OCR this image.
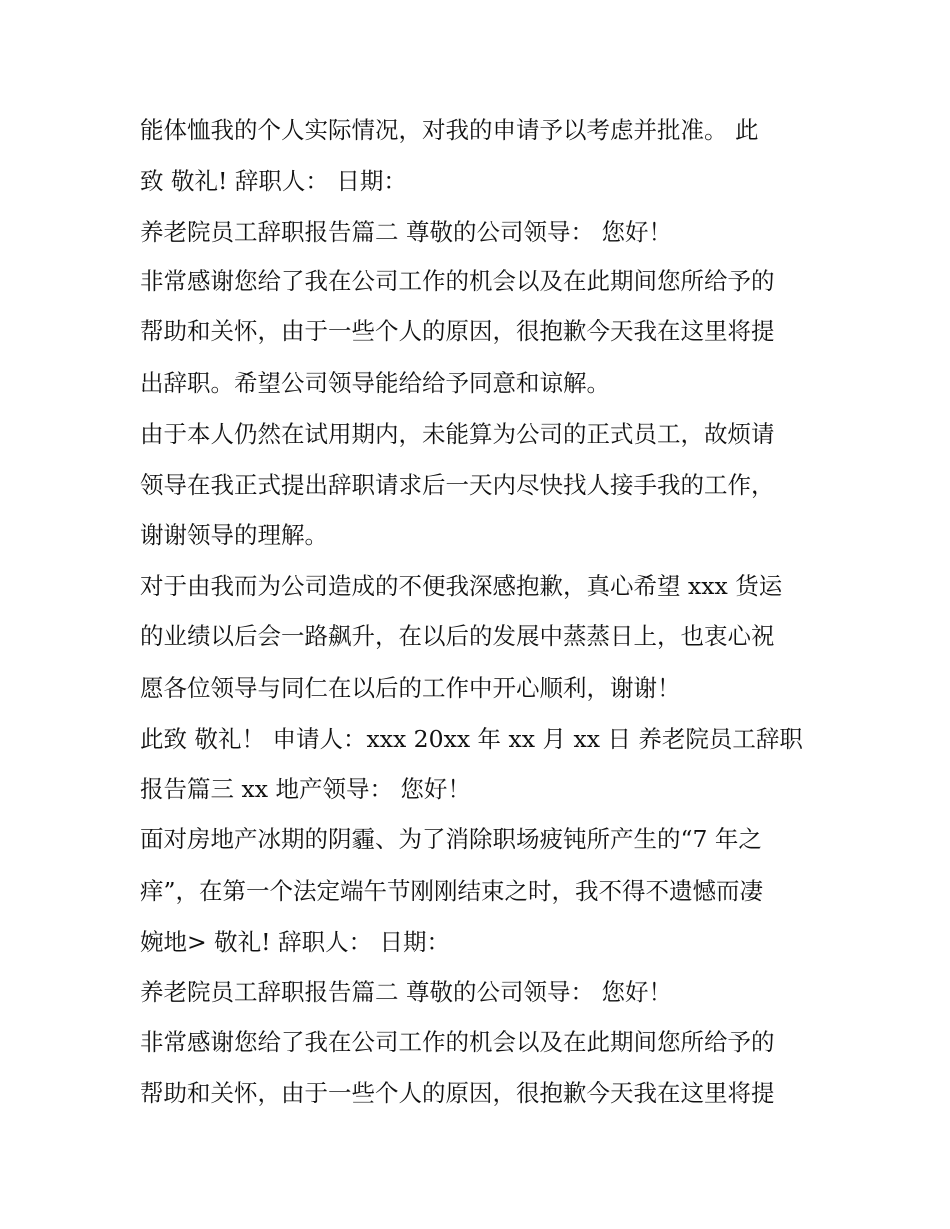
能体恤我的个人实际情况，对我的申请予以考虑并批准。 此
致 敬礼! 辞职人： 日期：
养老院员工辞职报告篇二 尊敬的公司领导： 您好！
非常感谢您给了我在公司工作的机会以及在此期间您所给予的
帮助和关怀，由于一些个人的原因，很抱歉今天我在这里将提
出辞职。希望公司领导能给给予同意和谅解。
由于本人仍然在试用期内，未能算为公司的正式员工，故烦请
领导在我正式提出辞职请求后一天内尽快找人接手我的工作，
谢谢领导的理解。
对于由我而为公司造成的不便我深感抱歉，真心希望 xxx 货运
的业绩以后会一路飙升，在以后的发展中蒸蒸日上，也衷心祝
愿各位领导与同仁在以后的工作中开心顺利，谢谢！
此致 敬礼！ 申请人：xxx 20xx 年 xx 月 xx 日 养老院员工辞职
报告篇三 xx 地产领导： 您好！
面对房地产冰期的阴霾、为了消除职场疲钝所产生的“7 年之
痒”，在第一个法定端午节刚刚结束之时，我不得不遗憾而凄
婉地> 敬礼! 辞职人： 日期：
养老院员工辞职报告篇二 尊敬的公司领导： 您好！
非常感谢您给了我在公司工作的机会以及在此期间您所给予的
帮助和关怀，由于一些个人的原因，很抱歉今天我在这里将提
